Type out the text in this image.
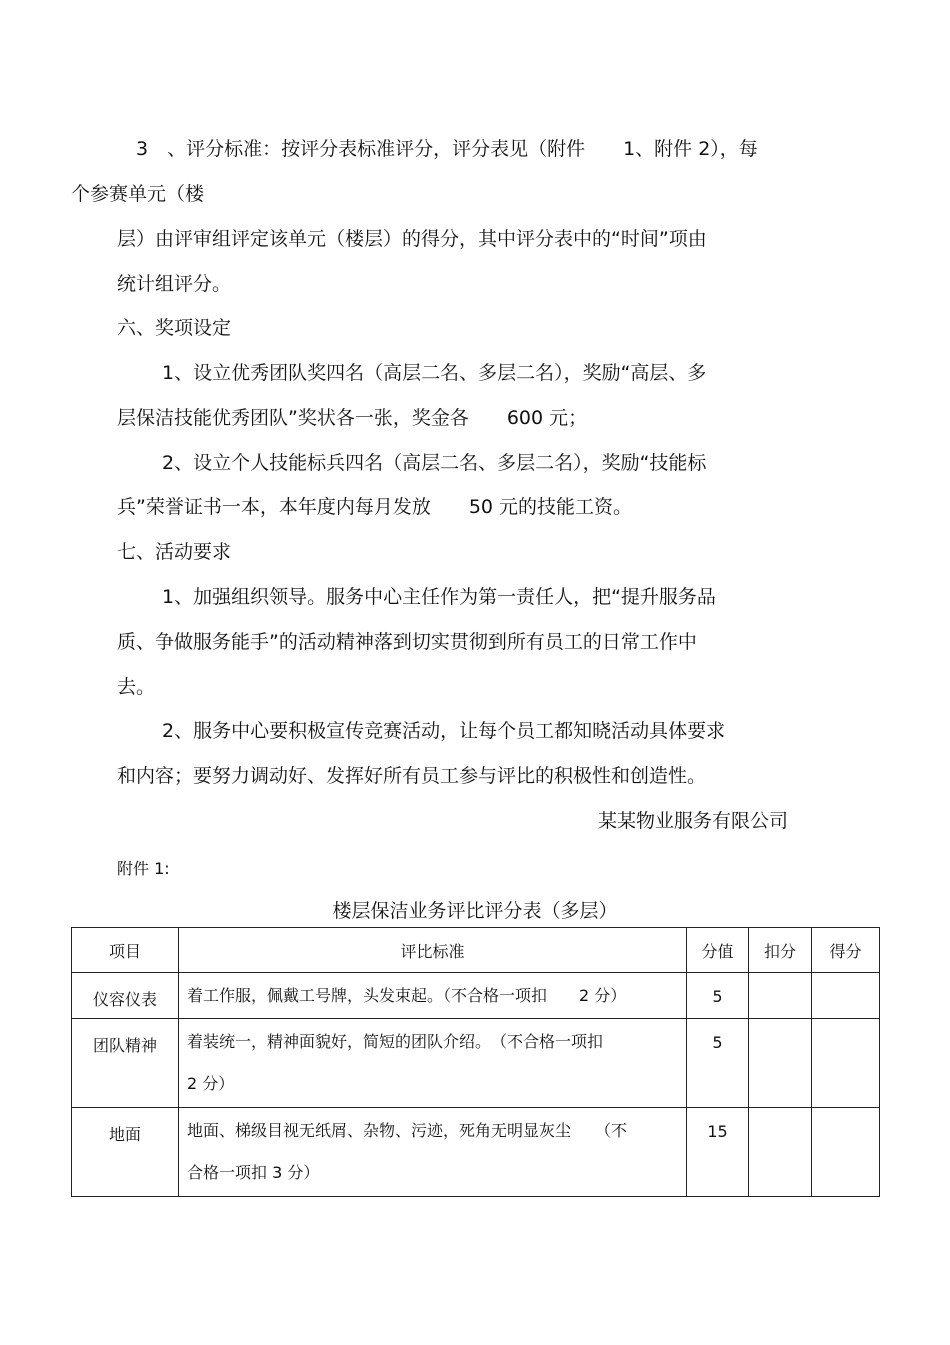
3　、评分标准：按评分表标准评分，评分表见（附件　　1、附件 2），每
个参赛单元（楼
层）由评审组评定该单元（楼层）的得分，其中评分表中的“时间”项由
统计组评分。
六、奖项设定
1、设立优秀团队奖四名（高层二名、多层二名），奖励“高层、多
层保洁技能优秀团队”奖状各一张，奖金各　　600 元；
2、设立个人技能标兵四名（高层二名、多层二名），奖励“技能标
兵”荣誉证书一本，本年度内每月发放　　50 元的技能工资。
七、活动要求
1、加强组织领导。服务中心主任作为第一责任人，把“提升服务品
质、争做服务能手”的活动精神落到切实贯彻到所有员工的日常工作中
去。
2、服务中心要积极宣传竞赛活动，让每个员工都知晓活动具体要求
和内容；要努力调动好、发挥好所有员工参与评比的积极性和创造性。
某某物业服务有限公司
附件 1:
楼层保洁业务评比评分表（多层）
项目	评比标准	分值	扣分	得分
仪容仪表	着工作服，佩戴工号牌，头发束起。（不合格一项扣　　2 分）	5		
团队精神	着装统一，精神面貌好，简短的团队介绍。　（不合格一项扣
2 分）	5		
地面	地面、梯级目视无纸屑、杂物、污迹，死角无明显灰尘　　（不
合格一项扣 3 分）	15		
